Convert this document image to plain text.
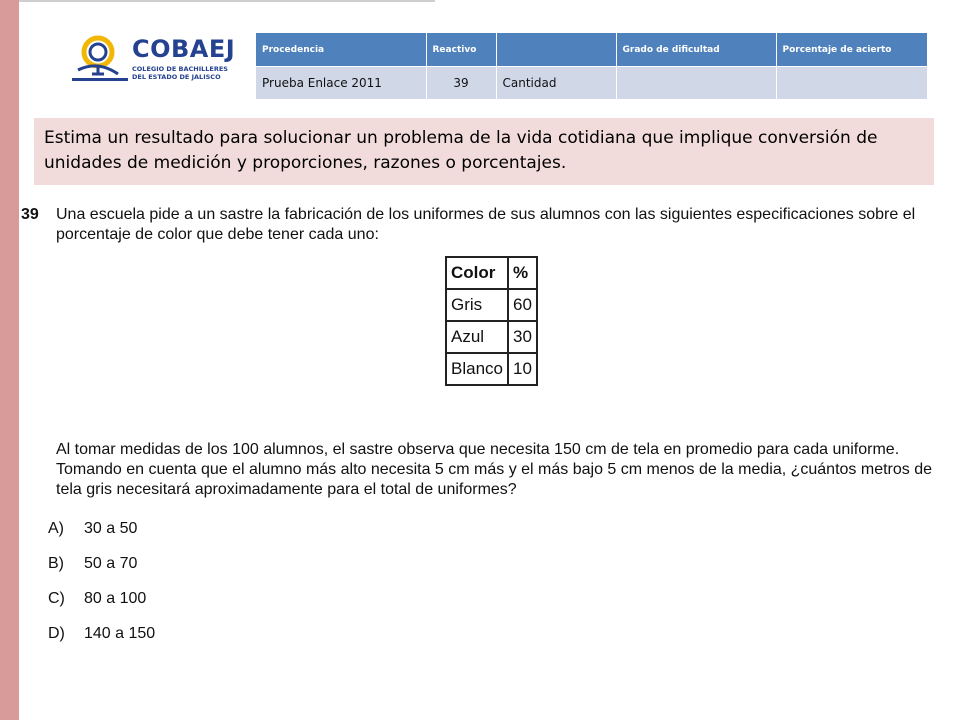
COBAEJ
COLEGIO DE BACHILLERES
DEL ESTADO DE JALISCO
Procedencia	Reactivo		Grado de dificultad	Porcentaje de acierto
Prueba Enlace 2011	39	Cantidad		
Estima un resultado para solucionar un problema de la vida cotidiana que implique conversión de unidades de medición y proporciones, razones o porcentajes.
39 Una escuela pide a un sastre la fabricación de los uniformes de sus alumnos con las siguientes especificaciones sobre el porcentaje de color que debe tener cada uno:
Color	%
Gris	60
Azul	30
Blanco	10
Al tomar medidas de los 100 alumnos, el sastre observa que necesita 150 cm de tela en promedio para cada uniforme. Tomando en cuenta que el alumno más alto necesita 5 cm más y el más bajo 5 cm menos de la media, ¿cuántos metros de tela gris necesitará aproximadamente para el total de uniformes?
A) 30 a 50
B) 50 a 70
C) 80 a 100
D) 140 a 150
